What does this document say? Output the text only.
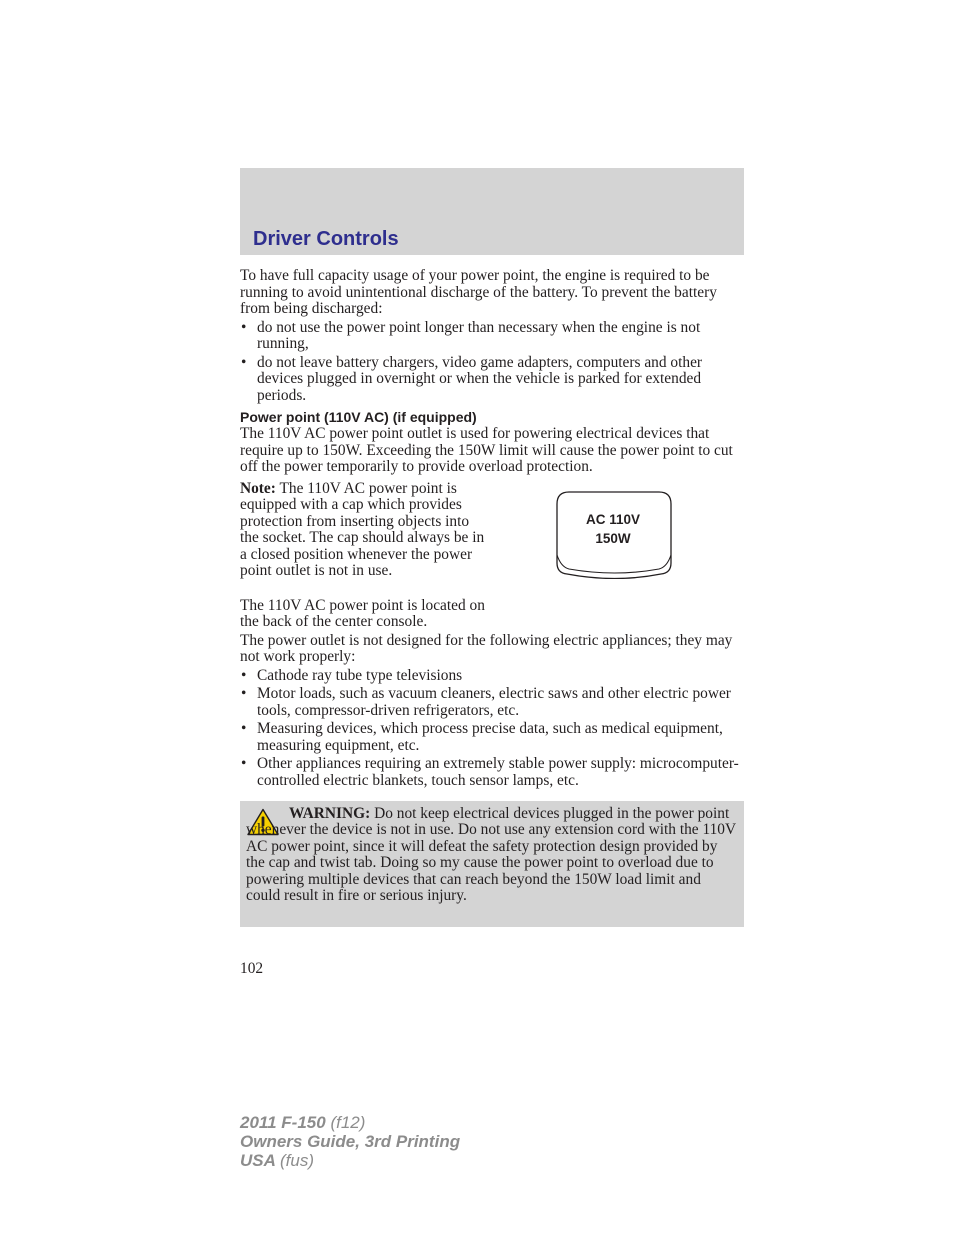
Driver Controls

To have full capacity usage of your power point, the engine is required to be running to avoid unintentional discharge of the battery. To prevent the battery from being discharged:

• do not use the power point longer than necessary when the engine is not running,
• do not leave battery chargers, video game adapters, computers and other devices plugged in overnight or when the vehicle is parked for extended periods.
Power point (110V AC) (if equipped)

The 110V AC power point outlet is used for powering electrical devices that require up to 150W. Exceeding the 150W limit will cause the power point to cut off the power temporarily to provide overload protection.

Note: The 110V AC power point is equipped with a cap which provides protection from inserting objects into the socket. The cap should always be in a closed position whenever the power point outlet is not in use.
AC 110V
150W

The 110V AC power point is located on the back of the center console.

The power outlet is not designed for the following electric appliances; they may not work properly:

• Cathode ray tube type televisions
• Motor loads, such as vacuum cleaners, electric saws and other electric power tools, compressor-driven refrigerators, etc.
• Measuring devices, which process precise data, such as medical equipment, measuring equipment, etc.
• Other appliances requiring an extremely stable power supply: microcomputer-controlled electric blankets, touch sensor lamps, etc.
WARNING: Do not keep electrical devices plugged in the power point whenever the device is not in use. Do not use any extension cord with the 110V AC power point, since it will defeat the safety protection design provided by the cap and twist tab. Doing so my cause the power point to overload due to powering multiple devices that can reach beyond the 150W load limit and could result in fire or serious injury.
102
2011 F-150 (f12)
Owners Guide, 3rd Printing
USA (fus)
